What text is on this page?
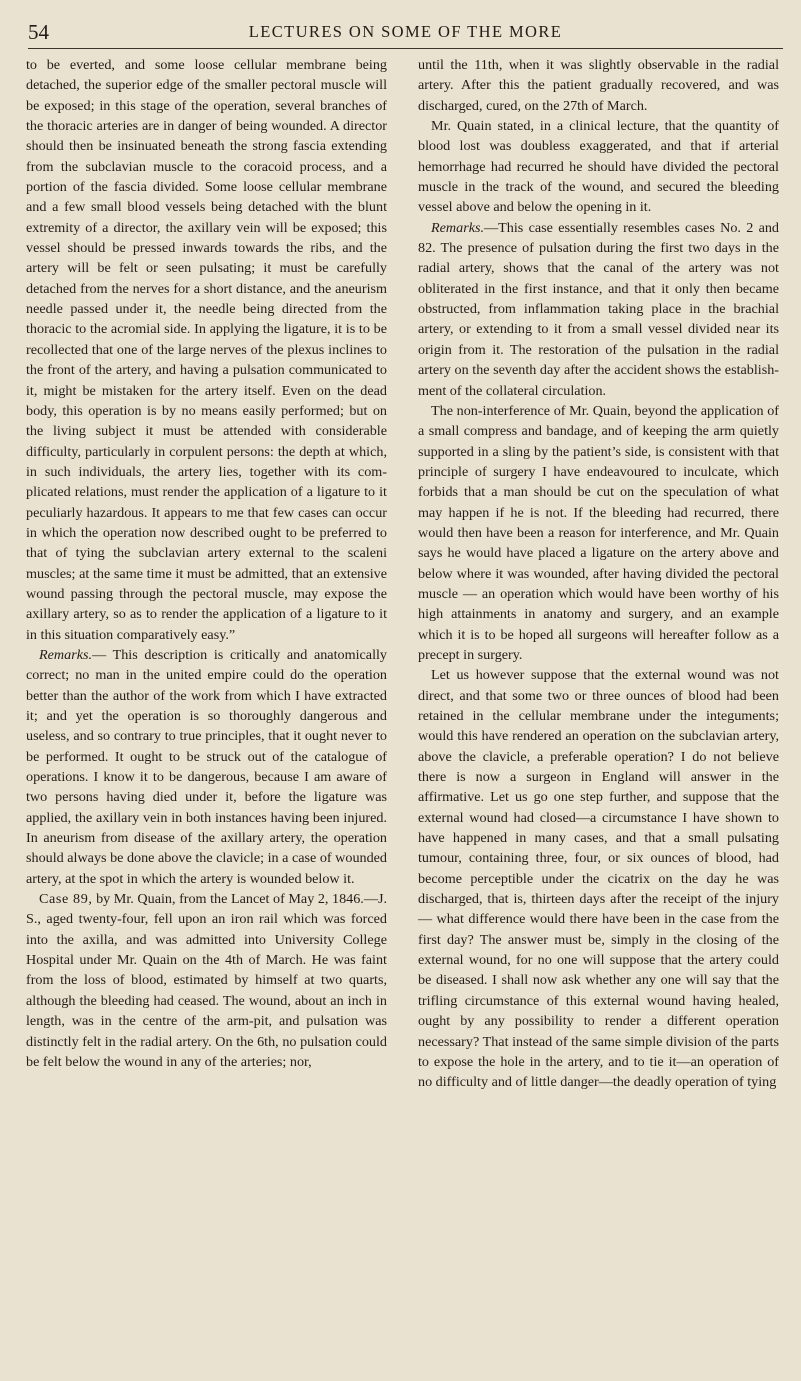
54	LECTURES ON SOME OF THE MORE

to be everted, and some loose cellular membrane being detached, the superior edge of the smaller pectoral muscle will be exposed; in this stage of the operation, several branches of the thoracic arteries are in danger of being wounded. A director should then be insinuated beneath the strong fascia extending from the subclavian muscle to the coracoid process, and a portion of the fascia divided. Some loose cellular membrane and a few small blood vessels being detached with the blunt extremity of a director, the axillary vein will be exposed; this vessel should be pressed inwards towards the ribs, and the artery will be felt or seen pulsating; it must be carefully detached from the nerves for a short distance, and the aneurism needle passed under it, the needle being directed from the thoracic to the acromial side. In applying the ligature, it is to be recollected that one of the large nerves of the plexus inclines to the front of the artery, and having a pulsation communicated to it, might be mistaken for the artery itself. Even on the dead body, this operation is by no means easily performed; but on the living subject it must be attended with considerable difficulty, particularly in corpulent persons: the depth at which, in such individuals, the artery lies, together with its complicated relations, must render the application of a ligature to it peculiarly hazardous. It appears to me that few cases can occur in which the operation now described ought to be preferred to that of tying the subclavian artery external to the scaleni muscles; at the same time it must be admitted, that an extensive wound passing through the pectoral muscle, may expose the axillary artery, so as to render the application of a ligature to it in this situation comparatively easy.”

Remarks.— This description is critically and anatomically correct; no man in the united empire could do the operation better than the author of the work from which I have extracted it; and yet the operation is so thoroughly dangerous and useless, and so contrary to true principles, that it ought never to be performed. It ought to be struck out of the catalogue of operations. I know it to be dangerous, because I am aware of two persons having died under it, before the ligature was applied, the axillary vein in both instances having been injured. In aneurism from disease of the axillary artery, the operation should always be done above the clavicle; in a case of wounded artery, at the spot in which the artery is wounded below it.

Case 89, by Mr. Quain, from the Lancet of May 2, 1846.—J. S., aged twenty-four, fell upon an iron rail which was forced into the axilla, and was admitted into University College Hospital under Mr. Quain on the 4th of March. He was faint from the loss of blood, estimated by himself at two quarts, although the bleeding had ceased. The wound, about an inch in length, was in the centre of the arm-pit, and pulsation was distinctly felt in the radial artery. On the 6th, no pulsation could be felt below the wound in any of the arteries; nor,

until the 11th, when it was slightly observable in the radial artery. After this the patient gradually recovered, and was discharged, cured, on the 27th of March.

Mr. Quain stated, in a clinical lecture, that the quantity of blood lost was doubless exaggerated, and that if arterial hemorrhage had recurred he should have divided the pectoral muscle in the track of the wound, and secured the bleeding vessel above and below the opening in it.

Remarks.—This case essentially resembles cases No. 2 and 82. The presence of pulsation during the first two days in the radial artery, shows that the canal of the artery was not obliterated in the first instance, and that it only then became obstructed, from inflammation taking place in the brachial artery, or extending to it from a small vessel divided near its origin from it. The restoration of the pulsation in the radial artery on the seventh day after the accident shows the establishment of the collateral circulation.

The non-interference of Mr. Quain, beyond the application of a small compress and bandage, and of keeping the arm quietly supported in a sling by the patient’s side, is consistent with that principle of surgery I have endeavoured to inculcate, which forbids that a man should be cut on the speculation of what may happen if he is not. If the bleeding had recurred, there would then have been a reason for interference, and Mr. Quain says he would have placed a ligature on the artery above and below where it was wounded, after having divided the pectoral muscle — an operation which would have been worthy of his high attainments in anatomy and surgery, and an example which it is to be hoped all surgeons will hereafter follow as a precept in surgery.

Let us however suppose that the external wound was not direct, and that some two or three ounces of blood had been retained in the cellular membrane under the integuments; would this have rendered an operation on the subclavian artery, above the clavicle, a preferable operation? I do not believe there is now a surgeon in England will answer in the affirmative. Let us go one step further, and suppose that the external wound had closed—a circumstance I have shown to have happened in many cases, and that a small pulsating tumour, containing three, four, or six ounces of blood, had become perceptible under the cicatrix on the day he was discharged, that is, thirteen days after the receipt of the injury — what difference would there have been in the case from the first day? The answer must be, simply in the closing of the external wound, for no one will suppose that the artery could be diseased. I shall now ask whether any one will say that the trifling circumstance of this external wound having healed, ought by any possibility to render a different operation necessary? That instead of the same simple division of the parts to expose the hole in the artery, and to tie it—an operation of no difficulty and of little danger—the deadly operation of tying
